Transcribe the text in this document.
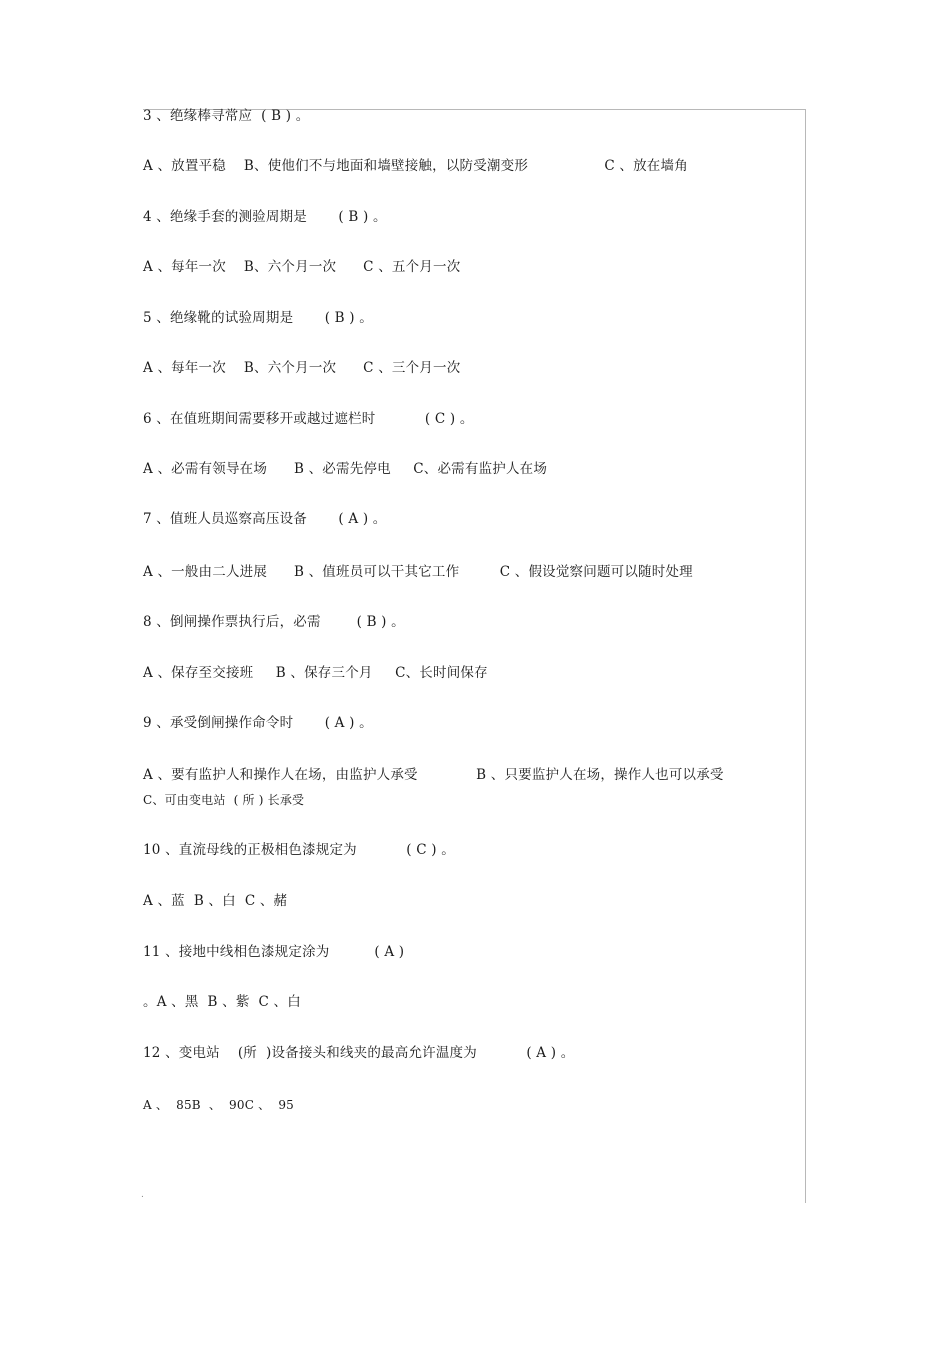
3 、绝缘棒寻常应  ( B ) 。
A 、放置平稳    B、使他们不与地面和墙壁接触，以防受潮变形                 C 、放在墙角
4 、绝缘手套的测验周期是       ( B ) 。
A 、每年一次    B、六个月一次      C 、五个月一次
5 、绝缘靴的试验周期是       ( B ) 。
A 、每年一次    B、六个月一次      C 、三个月一次
6 、在值班期间需要移开或越过遮栏时           ( C ) 。
A 、必需有领导在场      B 、必需先停电     C、必需有监护人在场
7 、值班人员巡察高压设备       ( A ) 。
A 、一般由二人进展      B 、值班员可以干其它工作         C 、假设觉察问题可以随时处理
8 、倒闸操作票执行后，必需        ( B ) 。
A 、保存至交接班     B 、保存三个月     C、长时间保存
9 、承受倒闸操作命令时       ( A ) 。
A 、要有监护人和操作人在场，由监护人承受             B 、只要监护人在场，操作人也可以承受
C、可由变电站  ( 所 ) 长承受
10 、直流母线的正极相色漆规定为           ( C ) 。
A 、蓝  B 、白  C 、赭
11 、接地中线相色漆规定涂为          ( A )
。A 、黑  B 、紫  C 、白
12 、变电站    (所  )设备接头和线夹的最高允许温度为           ( A ) 。
A 、  85B  、  90C 、  95
.
